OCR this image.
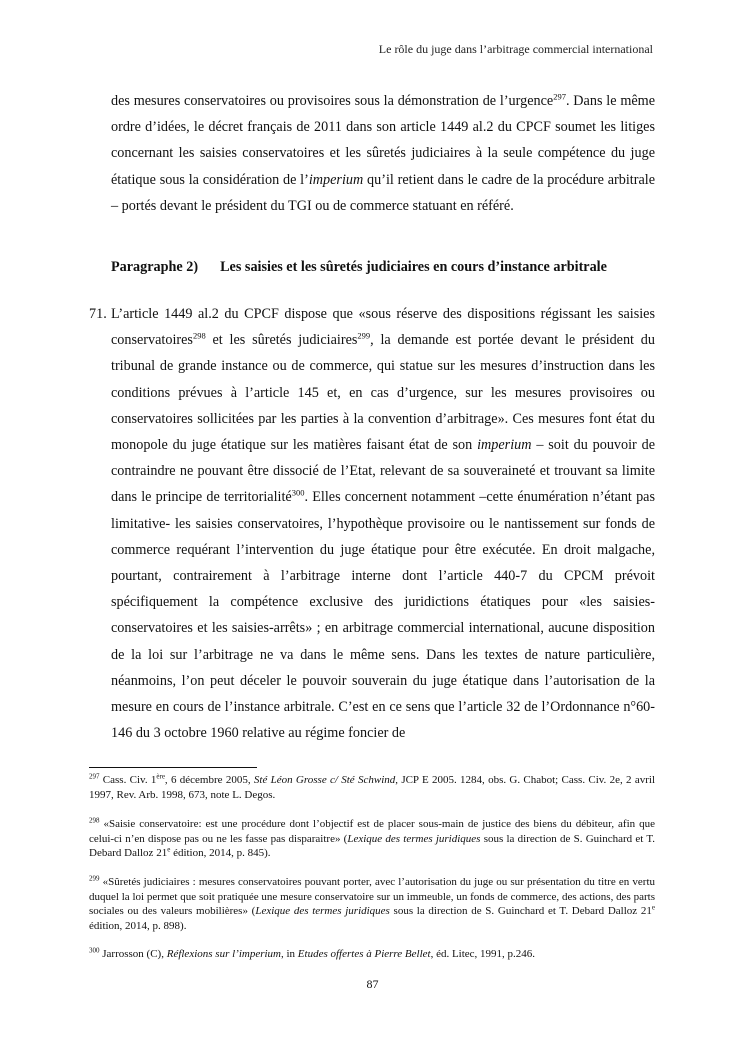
Le rôle du juge dans l’arbitrage commercial international
des mesures conservatoires ou provisoires sous la démonstration de l’urgence$^{297}$. Dans le même ordre d’idées, le décret français de 2011 dans son article 1449 al.2 du CPCF soumet les litiges concernant les saisies conservatoires et les sûretés judiciaires à la seule compétence du juge étatique sous la considération de l’imperium qu’il retient dans le cadre de la procédure arbitrale – portés devant le président du TGI ou de commerce statuant en référé.
Paragraphe 2) Les saisies et les sûretés judiciaires en cours d’instance arbitrale
71. L’article 1449 al.2 du CPCF dispose que «sous réserve des dispositions régissant les saisies conservatoires$^{298}$ et les sûretés judiciaires$^{299}$, la demande est portée devant le président du tribunal de grande instance ou de commerce, qui statue sur les mesures d’instruction dans les conditions prévues à l’article 145 et, en cas d’urgence, sur les mesures provisoires ou conservatoires sollicitées par les parties à la convention d’arbitrage». Ces mesures font état du monopole du juge étatique sur les matières faisant état de son imperium – soit du pouvoir de contraindre ne pouvant être dissocié de l’Etat, relevant de sa souveraineté et trouvant sa limite dans le principe de territorialité$^{300}$. Elles concernent notamment –cette énumération n’étant pas limitative- les saisies conservatoires, l’hypothèque provisoire ou le nantissement sur fonds de commerce requérant l’intervention du juge étatique pour être exécutée. En droit malgache, pourtant, contrairement à l’arbitrage interne dont l’article 440-7 du CPCM prévoit spécifiquement la compétence exclusive des juridictions étatiques pour «les saisies-conservatoires et les saisies-arrêts» ; en arbitrage commercial international, aucune disposition de la loi sur l’arbitrage ne va dans le même sens. Dans les textes de nature particulière, néanmoins, l’on peut déceler le pouvoir souverain du juge étatique dans l’autorisation de la mesure en cours de l’instance arbitrale. C’est en ce sens que l’article 32 de l’Ordonnance n°60-146 du 3 octobre 1960 relative au régime foncier de
$^{297}$ Cass. Civ. 1ère, 6 décembre 2005, Sté Léon Grosse c/ Sté Schwind, JCP E 2005. 1284, obs. G. Chabot; Cass. Civ. 2e, 2 avril 1997, Rev. Arb. 1998, 673, note L. Degos.
$^{298}$ «Saisie conservatoire: est une procédure dont l’objectif est de placer sous-main de justice des biens du débiteur, afin que celui-ci n’en dispose pas ou ne les fasse pas disparaitre» (Lexique des termes juridiques sous la direction de S. Guinchard et T. Debard Dalloz 21e édition, 2014, p. 845).
$^{299}$ «Sûretés judiciaires : mesures conservatoires pouvant porter, avec l’autorisation du juge ou sur présentation du titre en vertu duquel la loi permet que soit pratiquée une mesure conservatoire sur un immeuble, un fonds de commerce, des actions, des parts sociales ou des valeurs mobilières» (Lexique des termes juridiques sous la direction de S. Guinchard et T. Debard Dalloz 21e édition, 2014, p. 898).
$^{300}$ Jarrosson (C), Réflexions sur l’imperium, in Etudes offertes à Pierre Bellet, éd. Litec, 1991, p.246.
87
